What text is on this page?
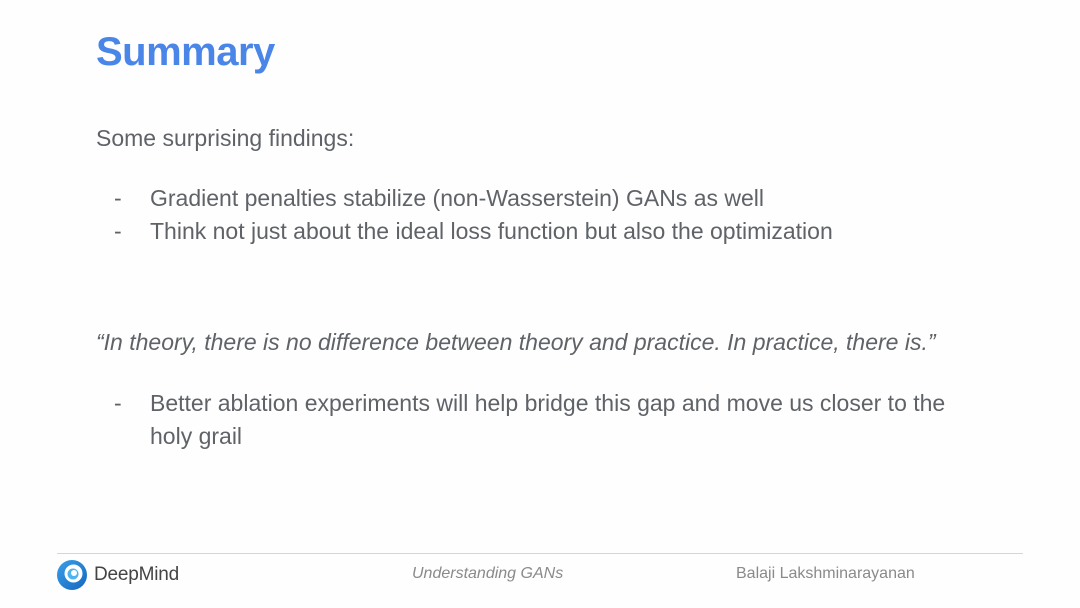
Summary
Some surprising findings:
- Gradient penalties stabilize (non-Wasserstein) GANs as well
- Think not just about the ideal loss function but also the optimization
“In theory, there is no difference between theory and practice. In practice, there is.”
- Better ablation experiments will help bridge this gap and move us closer to the holy grail
DeepMind	Understanding GANs	Balaji Lakshminarayanan
